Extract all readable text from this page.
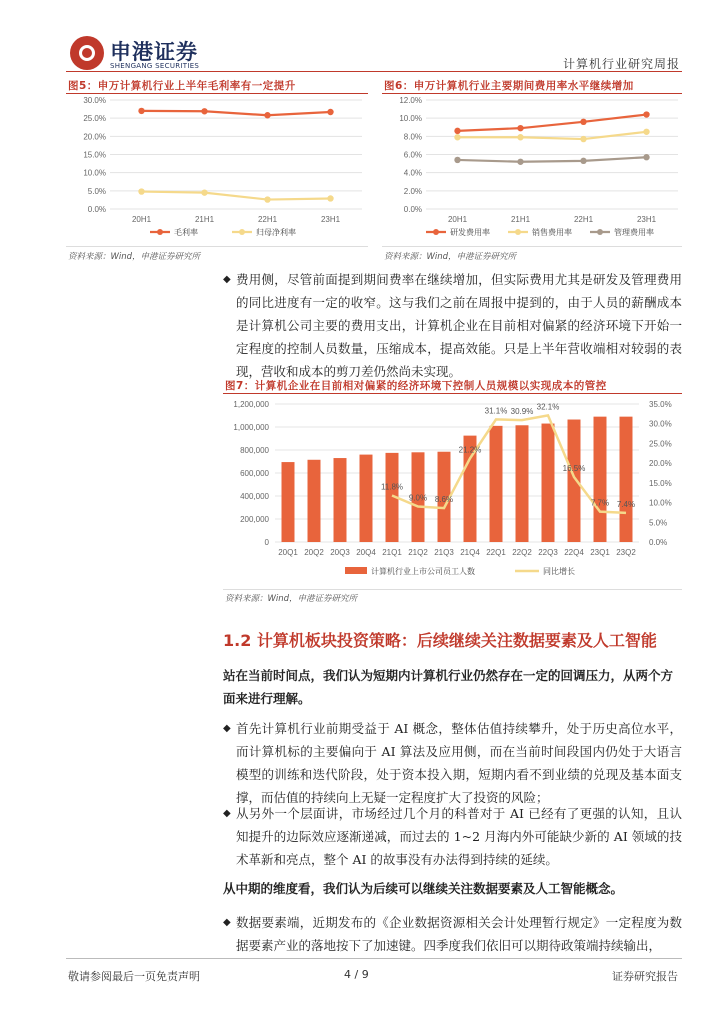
申港证券
SHENGANG SECURITIES	计算机行业研究周报
图5：申万计算机行业上半年毛利率有一定提升
0.0%
5.0%
10.0%
15.0%
20.0%
25.0%
30.0%
20H1	21H1	22H1	23H1
毛利率	归母净利率
资料来源：Wind，申港证券研究所
图6：申万计算机行业主要期间费用率水平继续增加
0.0%
2.0%
4.0%
6.0%
8.0%
10.0%
12.0%
20H1	21H1	22H1	23H1
研发费用率	销售费用率	管理费用率
资料来源：Wind，申港证券研究所
◆ 费用侧，尽管前面提到期间费率在继续增加，但实际费用尤其是研发及管理费用的同比进度有一定的收窄。这与我们之前在周报中提到的，由于人员的薪酬成本是计算机公司主要的费用支出，计算机企业在目前相对偏紧的经济环境下开始一定程度的控制人员数量，压缩成本，提高效能。只是上半年营收端相对较弱的表现，营收和成本的剪刀差仍然尚未实现。
图7：计算机企业在目前相对偏紧的经济环境下控制人员规模以实现成本的管控
11.8%
9.0% 8.6%
21.2%
31.1% 30.9%
32.1%
16.5%
7.7% 7.4%
0
200,000
400,000
600,000
800,000
1,000,000
1,200,000
0.0%
5.0%
10.0%
15.0%
20.0%
25.0%
30.0%
35.0%
20Q1 20Q2 20Q3 20Q4 21Q1 21Q2 21Q3 21Q4 22Q1 22Q2 22Q3 22Q4 23Q1 23Q2
计算机行业上市公司员工人数	同比增长
资料来源：Wind，申港证券研究所
1.2 计算机板块投资策略：后续继续关注数据要素及人工智能
站在当前时间点，我们认为短期内计算机行业仍然存在一定的回调压力，从两个方面来进行理解。
◆ 首先计算机行业前期受益于 AI 概念，整体估值持续攀升，处于历史高位水平，而计算机标的主要偏向于 AI 算法及应用侧，而在当前时间段国内仍处于大语言模型的训练和迭代阶段，处于资本投入期，短期内看不到业绩的兑现及基本面支撑，而估值的持续向上无疑一定程度扩大了投资的风险；
◆ 从另外一个层面讲，市场经过几个月的科普对于 AI 已经有了更强的认知，且认知提升的边际效应逐渐递减，而过去的 1~2 月海内外可能缺少新的 AI 领域的技术革新和亮点，整个 AI 的故事没有办法得到持续的延续。
从中期的维度看，我们认为后续可以继续关注数据要素及人工智能概念。
◆ 数据要素端，近期发布的《企业数据资源相关会计处理暂行规定》一定程度为数据要素产业的落地按下了加速键。四季度我们依旧可以期待政策端持续输出，
敬请参阅最后一页免责声明	4 / 9	证券研究报告
